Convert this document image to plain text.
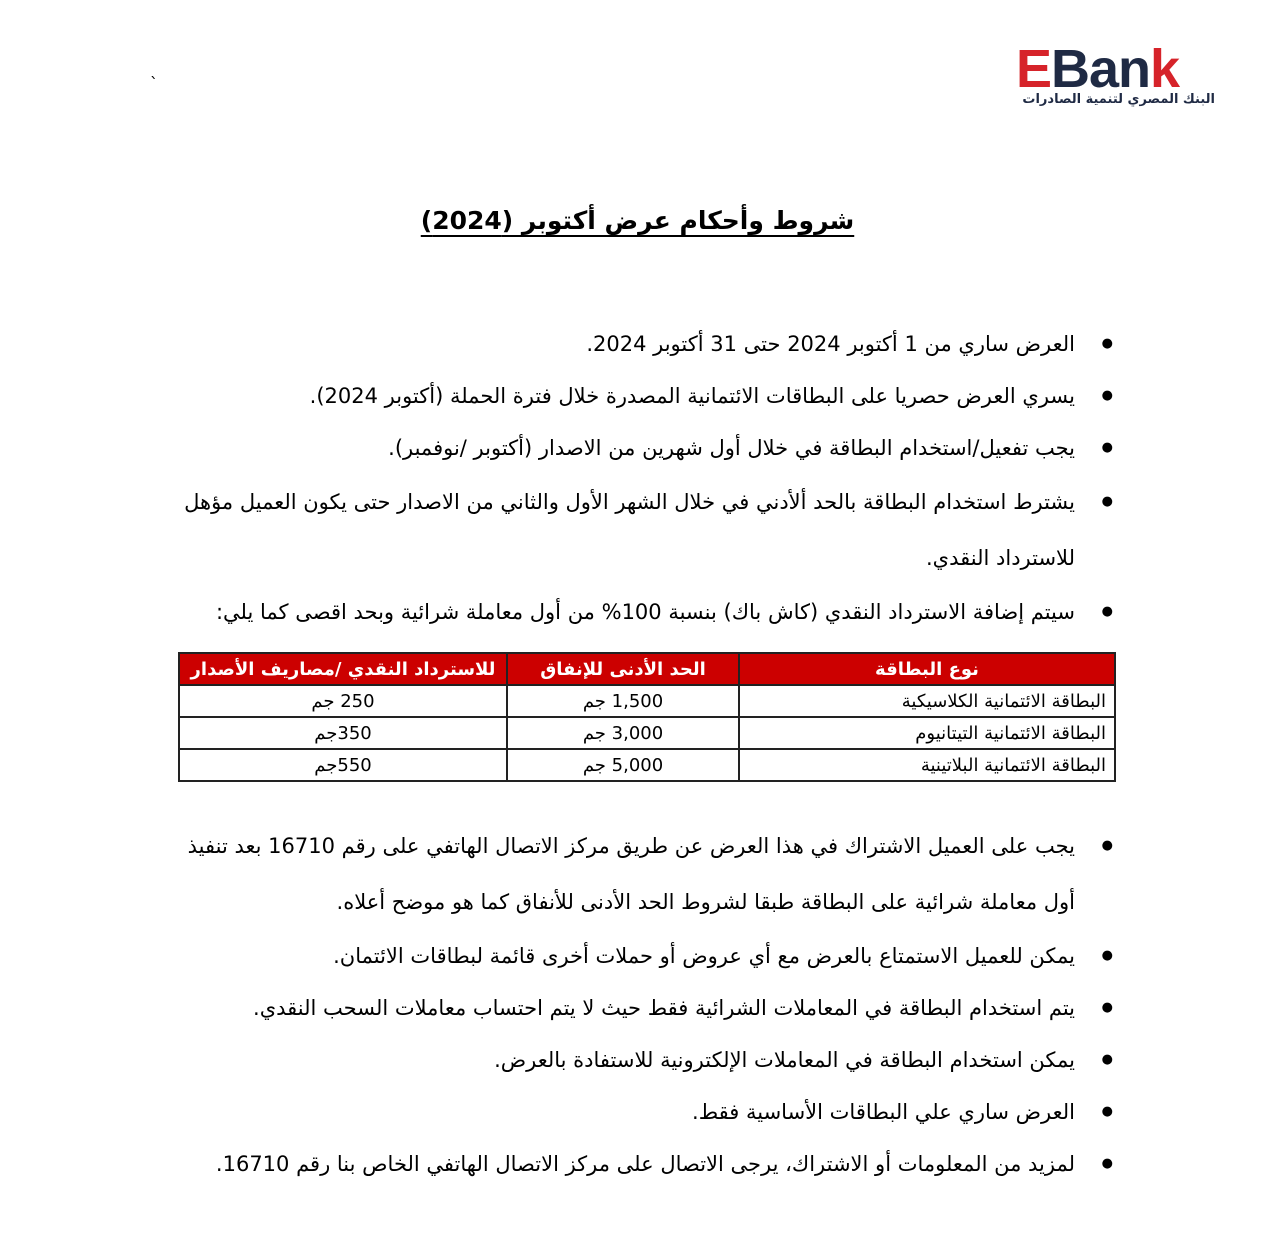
`	EBank
البنك المصري لتنمية الصادرات
شروط وأحكام عرض أكتوبر (2024)
● العرض ساري من 1 أكتوبر 2024 حتى 31 أكتوبر 2024.
● يسري العرض حصريا على البطاقات الائتمانية المصدرة خلال فترة الحملة (أكتوبر 2024).
● يجب تفعيل/استخدام البطاقة في خلال أول شهرين من الاصدار (أكتوبر /نوفمبر).
● يشترط استخدام البطاقة بالحد ألأدني في خلال الشهر الأول والثاني من الاصدار حتى يكون العميل مؤهل للاسترداد النقدي.
● سيتم إضافة الاسترداد النقدي (كاش باك) بنسبة 100% من أول معاملة شرائية وبحد اقصى كما يلي:
نوع البطاقة	الحد الأدنى للإنفاق	للاسترداد النقدي /مصاريف الأصدار
البطاقة الائتمانية الكلاسيكية	1,500 جم	250 جم
البطاقة الائتمانية التيتانيوم	3,000 جم	350جم
البطاقة الائتمانية البلاتينية	5,000 جم	550جم
● يجب على العميل الاشتراك في هذا العرض عن طريق مركز الاتصال الهاتفي على رقم 16710 بعد تنفيذ أول معاملة شرائية على البطاقة طبقا لشروط الحد الأدنى للأنفاق كما هو موضح أعلاه.
● يمكن للعميل الاستمتاع بالعرض مع أي عروض أو حملات أخرى قائمة لبطاقات الائتمان.
● يتم استخدام البطاقة في المعاملات الشرائية فقط حيث لا يتم احتساب معاملات السحب النقدي.
● يمكن استخدام البطاقة في المعاملات الإلكترونية للاستفادة بالعرض.
● العرض ساري علي البطاقات الأساسية فقط.
● لمزيد من المعلومات أو الاشتراك، يرجى الاتصال على مركز الاتصال الهاتفي الخاص بنا رقم 16710.
